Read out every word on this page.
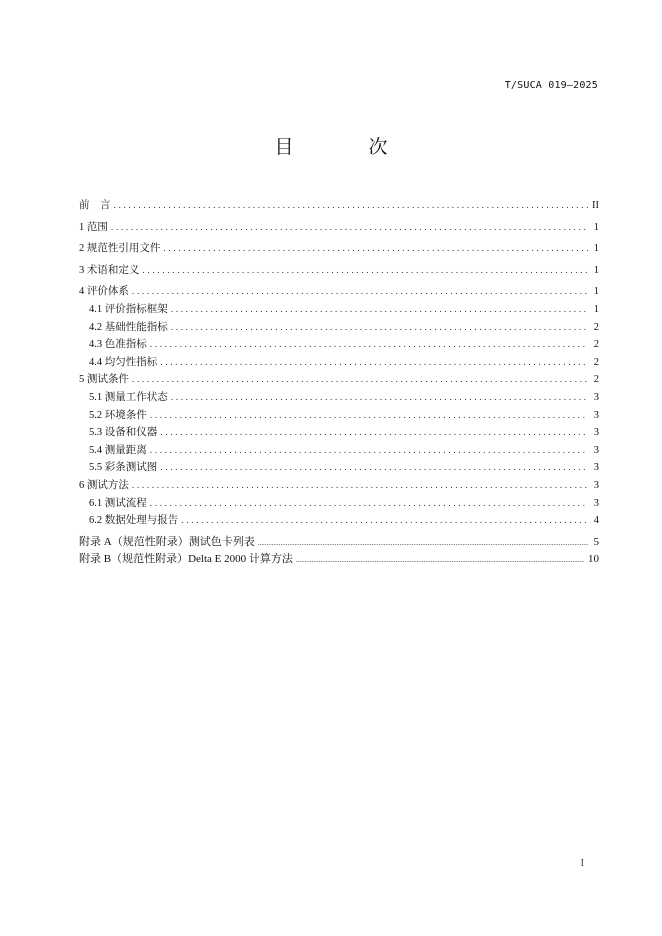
T/SUCA 019—2025
目　次
前　言 .....	II
1 范围 .....	1
2 规范性引用文件 .....	1
3 术语和定义 .....	1
4 评价体系 .....	1
4.1 评价指标框架 .....	1
4.2 基础性能指标 .....	2
4.3 色准指标 .....	2
4.4 均匀性指标 .....	2
5 测试条件 .....	2
5.1 测量工作状态 .....	3
5.2 环境条件 .....	3
5.3 设备和仪器 .....	3
5.4 测量距离 .....	3
5.5 彩条测试图 .....	3
6 测试方法 .....	3
6.1 测试流程 .....	3
6.2 数据处理与报告 .....	4
附录 A（规范性附录）测试色卡列表 .....	5
附录 B（规范性附录）Delta E 2000 计算方法 .....	10
I
